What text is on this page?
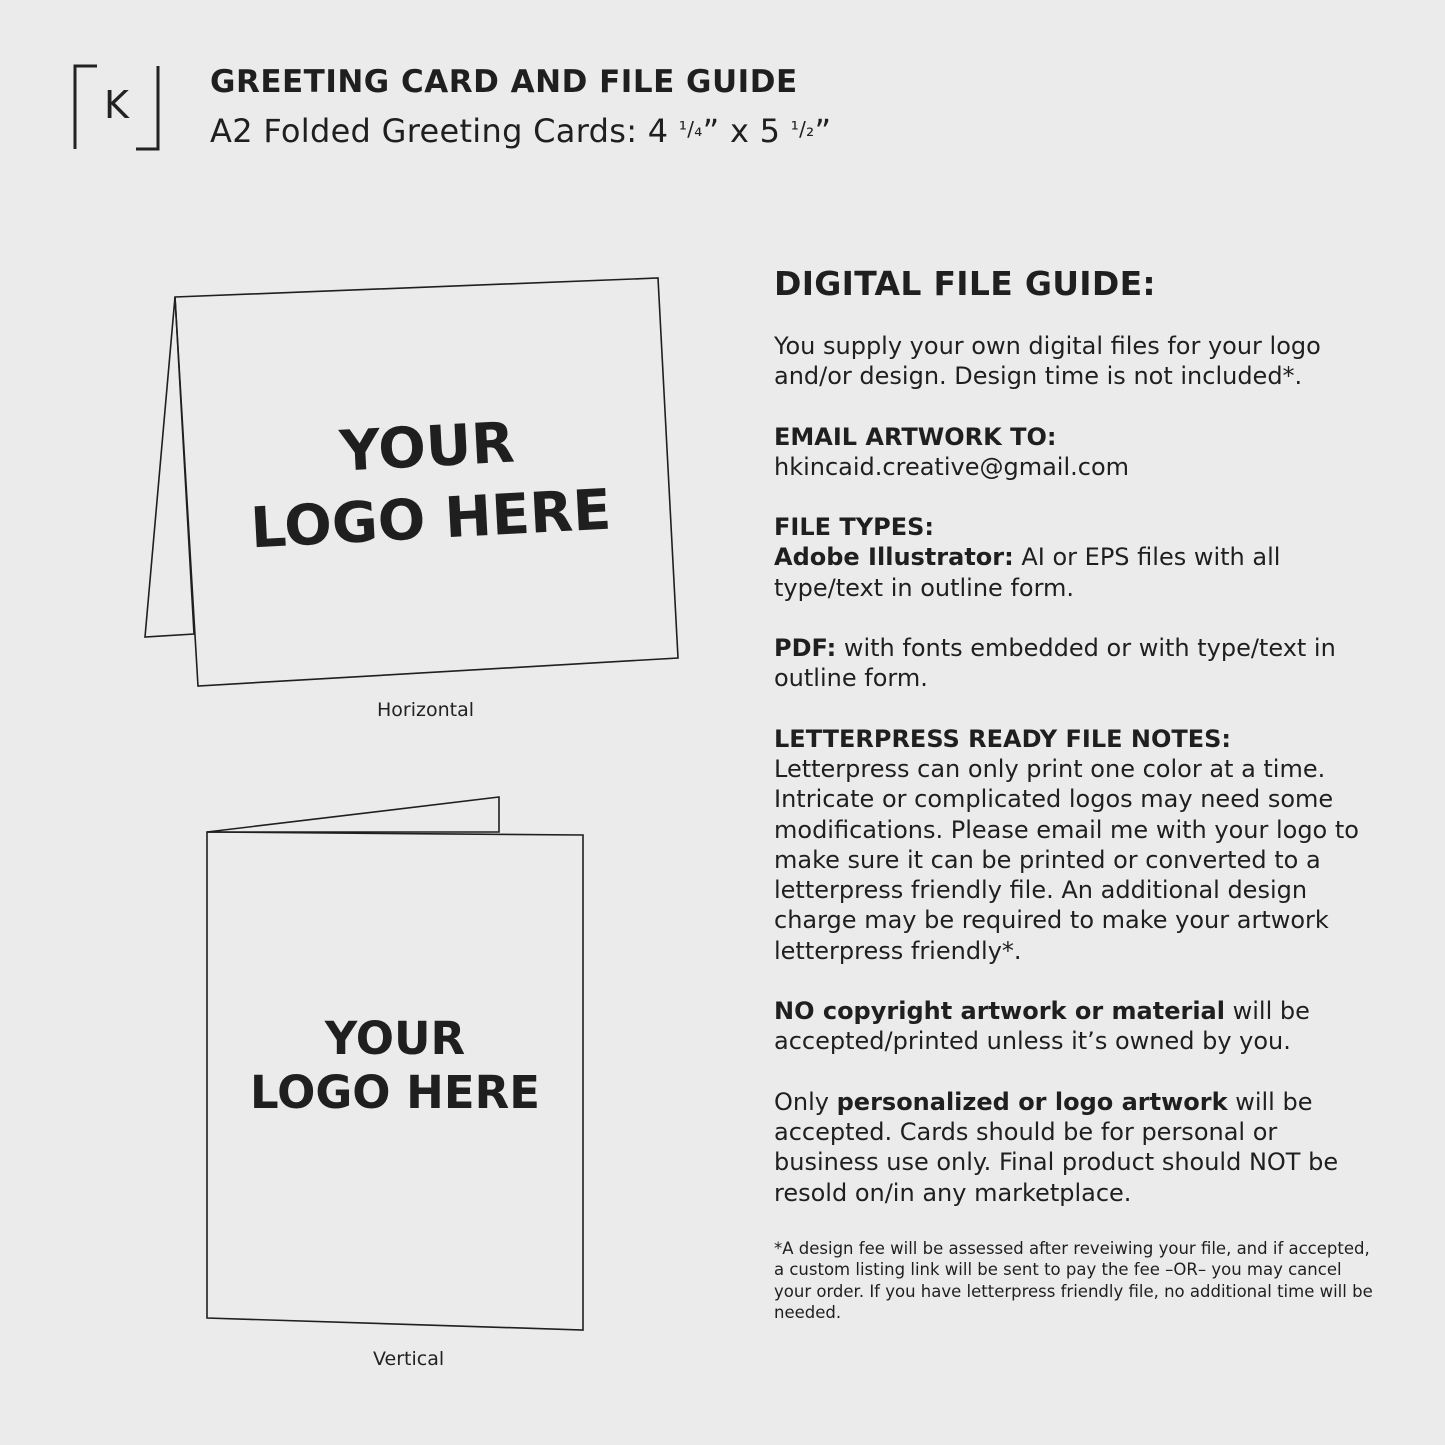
K
GREETING CARD AND FILE GUIDE
A2 Folded Greeting Cards: 4 ¹/₄” x 5 ¹/₂”
YOUR
LOGO HERE
Horizontal
YOUR
LOGO HERE
Vertical
DIGITAL FILE GUIDE:

You supply your own digital files for your logo and/or design. Design time is not included*.

EMAIL ARTWORK TO:
hkincaid.creative@gmail.com

FILE TYPES:
Adobe Illustrator: AI or EPS files with all type/text in outline form.

PDF: with fonts embedded or with type/text in outline form.

LETTERPRESS READY FILE NOTES:
Letterpress can only print one color at a time. Intricate or complicated logos may need some modifications. Please email me with your logo to make sure it can be printed or converted to a letterpress friendly file. An additional design charge may be required to make your artwork letterpress friendly*.

NO copyright artwork or material will be accepted/printed unless it’s owned by you.

Only personalized or logo artwork will be accepted. Cards should be for personal or business use only. Final product should NOT be resold on/in any marketplace.

*A design fee will be assessed after reveiwing your file, and if accepted, a custom listing link will be sent to pay the fee –OR– you may cancel your order. If you have letterpress friendly file, no additional time will be needed.
